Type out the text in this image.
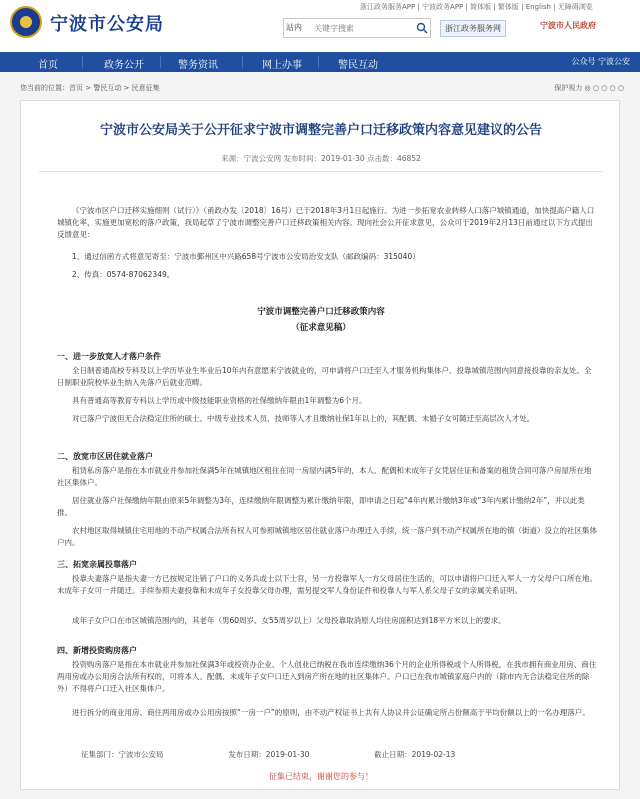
宁波市公安局
浙江政务服务APP | 宁波政务APP | 简体版 | 繁体版 | English | 无障碍浏览
站内
关键字搜索	浙江政务服务网	宁波市人民政府
首页	政务公开	警务资讯	网上办事	警民互动	公众号 宁波公安
您当前的位置：首页 > 警民互动 > 民意征集	保护视力 ◎ ○ ○ ○ ○
宁波市公安局关于公开征求宁波市调整完善户口迁移政策内容意见建议的公告
来源：宁波公安网 发布时间：2019-01-30 点击数：46852
《宁波市区户口迁移实施细则（试行）》（甬政办发〔2018〕16号）已于2018年3月1日起施行。为进一步拓宽农业转移人口落户城镇通道，加快提高户籍人口城镇化率，实施更加宽松的落户政策，我局起草了宁波市调整完善户口迁移政策相关内容。现向社会公开征求意见，公众可于2019年2月13日前通过以下方式提出反馈意见：
1、通过信函方式将意见寄至：宁波市鄞州区中兴路658号宁波市公安局治安支队（邮政编码：315040）
2、传真：0574-87062349。
宁波市调整完善户口迁移政策内容
（征求意见稿）
一、进一步放宽人才落户条件
全日制普通高校专科及以上学历毕业生毕业后10年内有意愿来宁波就业的，可申请将户口迁至人才服务机构集体户、投靠城镇范围内同意接投靠的亲友处。全日制职业院校毕业生纳入先落户后就业范畴。
具有普通高等教育专科以上学历或中级技能职业资格的社保缴纳年限由1年调整为6个月。
对已落户宁波但无合法稳定住所的硕士、中级专业技术人员、技师等人才且缴纳社保1年以上的，其配偶、未婚子女可随迁至高层次人才处。
二、放宽市区居住就业落户
租赁私房落户是指在本市就业并参加社保满5年在城镇地区租住在同一房屋内满5年的，本人、配偶和未成年子女凭居住证和备案的租赁合同可落户房屋所在地社区集体户。
居住就业落户社保缴纳年限由原来5年调整为3年，连续缴纳年限调整为累计缴纳年限，即申请之日起“4年内累计缴纳3年或“3年内累计缴纳2年”，并以此类推。
农村地区取得城镇住宅用地的不动产权属合法所有权人可参照城镇地区居住就业落户办理迁入手续，统一落户到不动产权属所在地的镇（街道）设立的社区集体户内。
三、拓宽亲属投靠落户
投靠夫妻落户是指夫妻一方已按规定注销了户口的义务兵或士以下士官，另一方投靠军人一方父母居住生活的，可以申请将户口迁入军人一方父母户口所在地。未成年子女可一并随迁。手续参照夫妻投靠和未成年子女投靠父母办理，需另提交军人身份证件和投靠人与军人系父母子女的亲属关系证明。
成年子女户口在市区城镇范围内的，其老年（男60周岁、女55周岁以上）父母投靠取消原人均住房面积达到18平方米以上的要求。
四、新增投资购房落户
投资购房落户是指在本市就业并参加社保满3年或投资办企业、个人创业已纳税在我市连续缴纳36个月的企业所得税或个人所得税，在我市拥有商业用房、商住两用房或办公用房合法所有权的，可将本人、配偶、未成年子女户口迁入到房产所在地的社区集体户。户口已在我市城镇家庭户内的（除市内无合法稳定住所的除外）不得将户口迁入社区集体户。
进行拆分的商业用房、商住两用房或办公用房按照“一房一户”的原则，由不动产权证书上共有人协议并公证确定所占份额高于平均份额以上的一名办理落户。
征集部门：宁波市公安局	发布日期：2019-01-30	截止日期：2019-02-13
征集已结束，谢谢您的参与！
